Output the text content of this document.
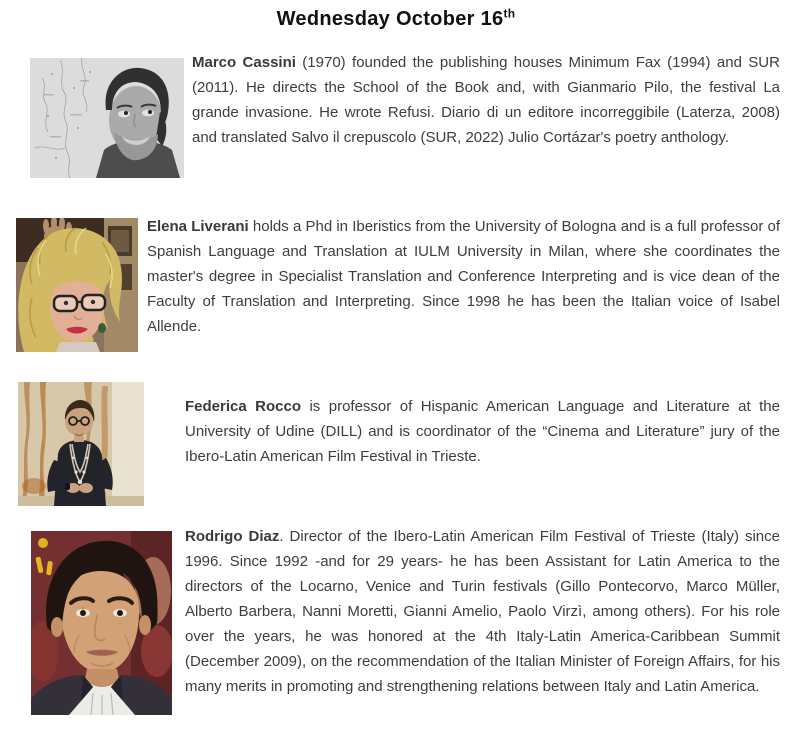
Wednesday October 16th

Marco Cassini (1970) founded the publishing houses Minimum Fax (1994) and SUR (2011). He directs the School of the Book and, with Gianmario Pilo, the festival La grande invasione. He wrote Refusi. Diario di un editore incorreggibile (Laterza, 2008) and translated Salvo il crepuscolo (SUR, 2022) Julio Cortázar's poetry anthology.

Elena Liverani holds a Phd in Iberistics from the University of Bologna and is a full professor of Spanish Language and Translation at IULM University in Milan, where she coordinates the master's degree in Specialist Translation and Conference Interpreting and is vice dean of the Faculty of Translation and Interpreting. Since 1998 he has been the Italian voice of Isabel Allende.

Federica Rocco is professor of Hispanic American Language and Literature at the University of Udine (DILL) and is coordinator of the “Cinema and Literature” jury of the Ibero-Latin American Film Festival in Trieste.

Rodrigo Diaz. Director of the Ibero-Latin American Film Festival of Trieste (Italy) since 1996. Since 1992 -and for 29 years- he has been Assistant for Latin America to the directors of the Locarno, Venice and Turin festivals (Gillo Pontecorvo, Marco Müller, Alberto Barbera, Nanni Moretti, Gianni Amelio, Paolo Virzì, among others). For his role over the years, he was honored at the 4th Italy-Latin America-Caribbean Summit (December 2009), on the recommendation of the Italian Minister of Foreign Affairs, for his many merits in promoting and strengthening relations between Italy and Latin America.
